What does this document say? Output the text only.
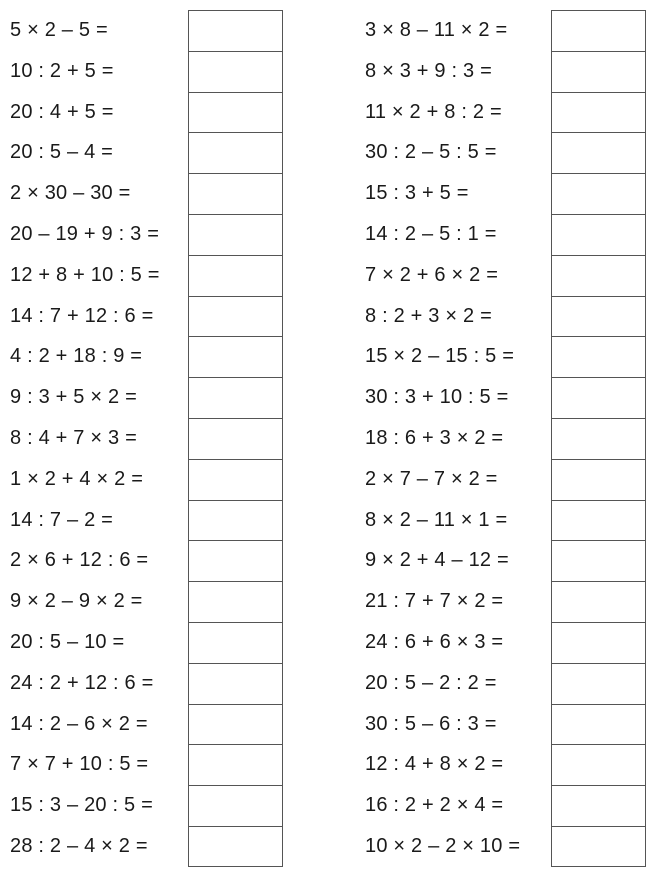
5 × 2 – 5 =
10 : 2 + 5 =
20 : 4 + 5 =
20 : 5 – 4 =
2 × 30 – 30 =
20 – 19 + 9 : 3 =
12 + 8 + 10 : 5 =
14 : 7 + 12 : 6 =
4 : 2 + 18 : 9 =
9 : 3 + 5 × 2 =
8 : 4 + 7 × 3 =
1 × 2 + 4 × 2 =
14 : 7 – 2 =
2 × 6 + 12 : 6 =
9 × 2 – 9 × 2 =
20 : 5 – 10 =
24 : 2 + 12 : 6 =
14 : 2 – 6 × 2 =
7 × 7 + 10 : 5 =
15 : 3 – 20 : 5 =
28 : 2 – 4 × 2 =
3 × 8 – 11 × 2 =
8 × 3 + 9 : 3 =
11 × 2 + 8 : 2 =
30 : 2 – 5 : 5 =
15 : 3 + 5 =
14 : 2 – 5 : 1 =
7 × 2 + 6 × 2 =
8 : 2 + 3 × 2 =
15 × 2 – 15 : 5 =
30 : 3 + 10 : 5 =
18 : 6 + 3 × 2 =
2 × 7 – 7 × 2 =
8 × 2 – 11 × 1 =
9 × 2 + 4 – 12 =
21 : 7 + 7 × 2 =
24 : 6 + 6 × 3 =
20 : 5 – 2 : 2 =
30 : 5 – 6 : 3 =
12 : 4 + 8 × 2 =
16 : 2 + 2 × 4 =
10 × 2 – 2 × 10 =
